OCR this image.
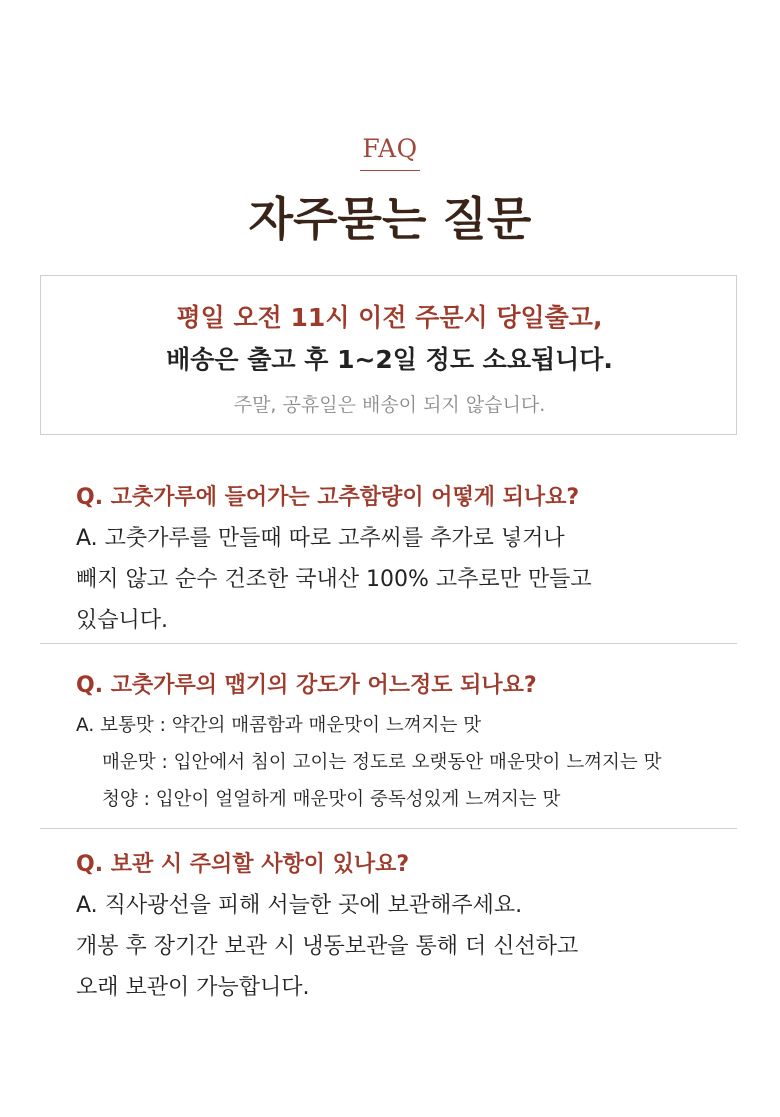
FAQ
자주묻는 질문
평일 오전 11시 이전 주문시 당일출고,
배송은 출고 후 1~2일 정도 소요됩니다.
주말, 공휴일은 배송이 되지 않습니다.
Q. 고춧가루에 들어가는 고추함량이 어떻게 되나요?
A. 고춧가루를 만들때 따로 고추씨를 추가로 넣거나
빼지 않고 순수 건조한 국내산 100% 고추로만 만들고
있습니다.
Q. 고춧가루의 맵기의 강도가 어느정도 되나요?
A. 보통맛 : 약간의 매콤함과 매운맛이 느껴지는 맛
매운맛 : 입안에서 침이 고이는 정도로 오랫동안 매운맛이 느껴지는 맛
청양 : 입안이 얼얼하게 매운맛이 중독성있게 느껴지는 맛
Q. 보관 시 주의할 사항이 있나요?
A. 직사광선을 피해 서늘한 곳에 보관해주세요.
개봉 후 장기간 보관 시 냉동보관을 통해 더 신선하고
오래 보관이 가능합니다.
